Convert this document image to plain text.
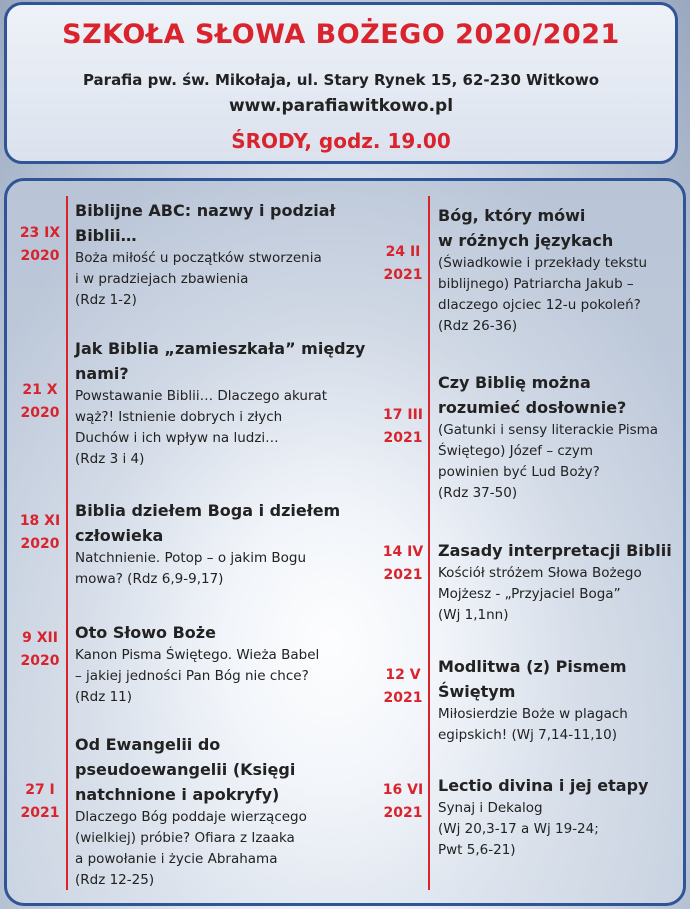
SZKOŁA SŁOWA BOŻEGO 2020/2021
Parafia pw. św. Mikołaja, ul. Stary Rynek 15, 62-230 Witkowo
www.parafiawitkowo.pl
ŚRODY, godz. 19.00
23 IX
2020
Biblijne ABC: nazwy i podział
Biblii…
Boża miłość u początków stworzenia
i w pradziejach zbawienia
(Rdz 1-2)
21 X
2020
Jak Biblia „zamieszkała” między
nami?
Powstawanie Biblii… Dlaczego akurat
wąż?! Istnienie dobrych i złych
Duchów i ich wpływ na ludzi…
(Rdz 3 i 4)
18 XI
2020
Biblia dziełem Boga i dziełem
człowieka
Natchnienie. Potop – o jakim Bogu
mowa? (Rdz 6,9-9,17)
9 XII
2020
Oto Słowo Boże
Kanon Pisma Świętego. Wieża Babel
– jakiej jedności Pan Bóg nie chce?
(Rdz 11)
27 I
2021
Od Ewangelii do
pseudoewangelii (Księgi
natchnione i apokryfy)
Dlaczego Bóg poddaje wierzącego
(wielkiej) próbie? Ofiara z Izaaka
a powołanie i życie Abrahama
(Rdz 12-25)
24 II
2021
Bóg, który mówi
w różnych językach
(Świadkowie i przekłady tekstu
biblijnego) Patriarcha Jakub –
dlaczego ojciec 12-u pokoleń?
(Rdz 26-36)
17 III
2021
Czy Biblię można
rozumieć dosłownie?
(Gatunki i sensy literackie Pisma
Świętego) Józef – czym
powinien być Lud Boży?
(Rdz 37-50)
14 IV
2021
Zasady interpretacji Biblii
Kościół stróżem Słowa Bożego
Mojżesz - „Przyjaciel Boga”
(Wj 1,1nn)
12 V
2021
Modlitwa (z) Pismem
Świętym
Miłosierdzie Boże w plagach
egipskich! (Wj 7,14-11,10)
16 VI
2021
Lectio divina i jej etapy
Synaj i Dekalog
(Wj 20,3-17 a Wj 19-24;
Pwt 5,6-21)
